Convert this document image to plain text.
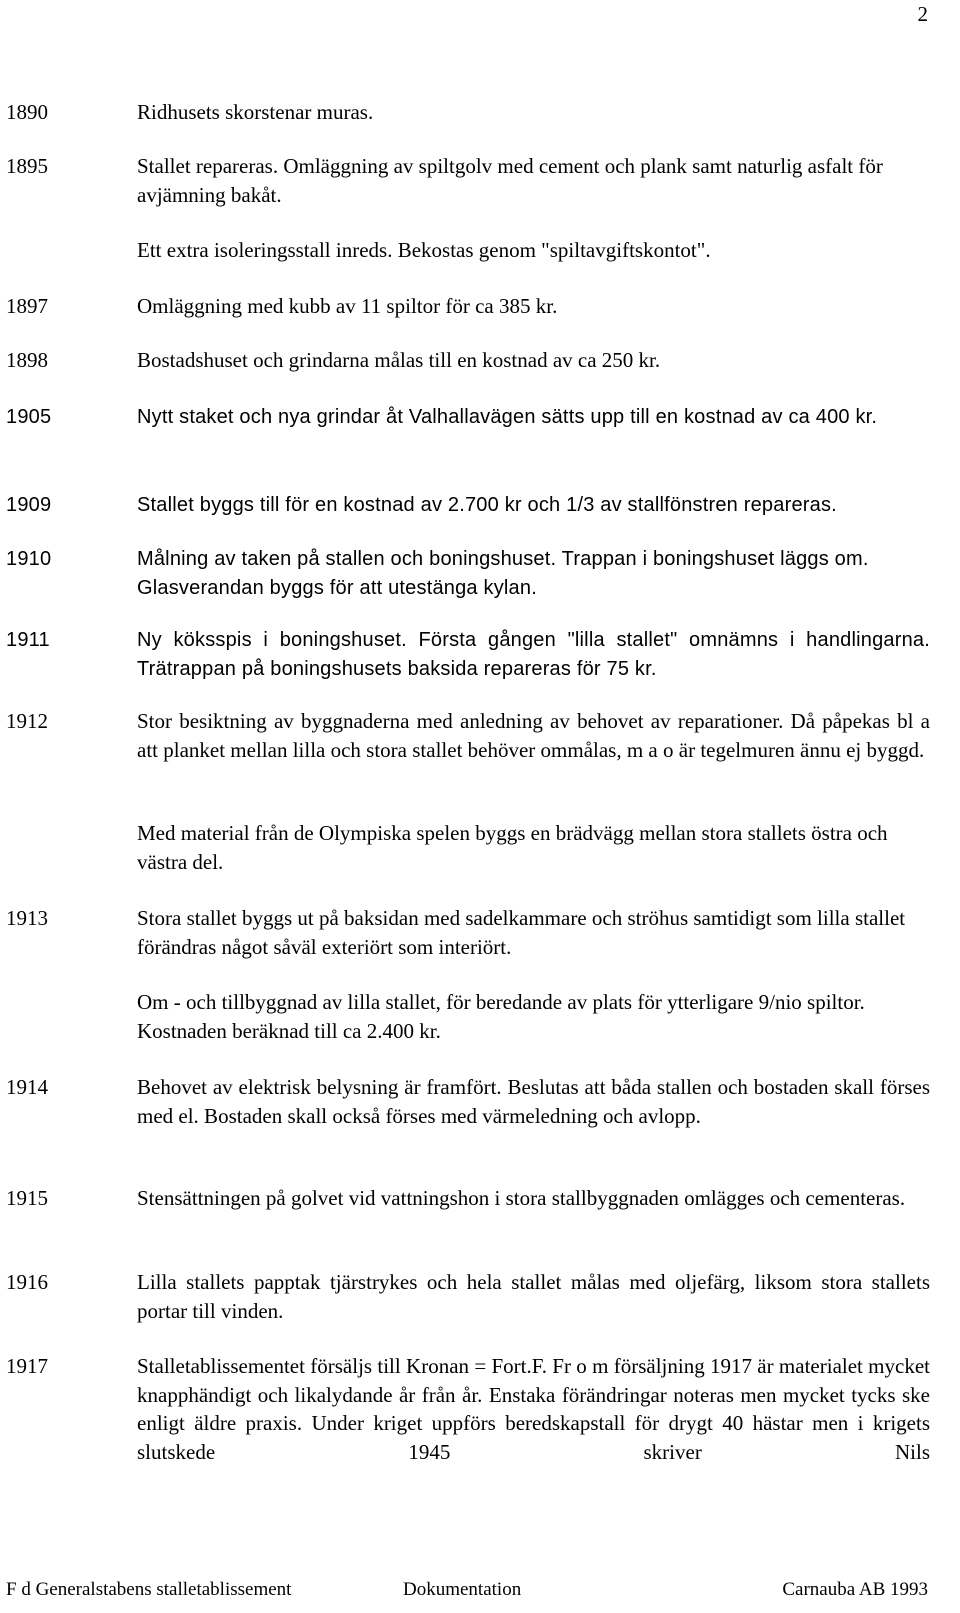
2
1890	Ridhusets skorstenar muras.
1895	Stallet repareras. Omläggning av spiltgolv med cement och plank samt naturlig asfalt för avjämning bakåt.
Ett extra isoleringsstall inreds. Bekostas genom "spiltavgiftskontot".
1897	Omläggning med kubb av 11 spiltor för ca 385 kr.
1898	Bostadshuset och grindarna målas till en kostnad av ca 250 kr.
1905	Nytt staket och nya grindar åt Valhallavägen sätts upp till en kostnad av ca 400 kr.
1909	Stallet byggs till för en kostnad av 2.700 kr och 1/3 av stallfönstren repareras.
1910	Målning av taken på stallen och boningshuset. Trappan i boningshuset läggs om. Glasverandan byggs för att utestänga kylan.
1911	Ny köksspis i boningshuset. Första gången "lilla stallet" omnämns i handlingarna. Trätrappan på boningshusets baksida repareras för 75 kr.
1912	Stor besiktning av byggnaderna med anledning av behovet av reparationer. Då påpekas bl a att planket mellan lilla och stora stallet behöver ommålas, m a o är tegelmuren ännu ej byggd.
Med material från de Olympiska spelen byggs en brädvägg mellan stora stallets östra och västra del.
1913	Stora stallet byggs ut på baksidan med sadelkammare och ströhus samtidigt som lilla stallet förändras något såväl exteriört som interiört.
Om - och tillbyggnad av lilla stallet, för beredande av plats för ytterligare 9/nio spiltor. Kostnaden beräknad till ca 2.400 kr.
1914	Behovet av elektrisk belysning är framfört. Beslutas att båda stallen och bostaden skall förses med el. Bostaden skall också förses med värmeledning och avlopp.
1915	Stensättningen på golvet vid vattningshon i stora stallbyggnaden omlägges och cementeras.
1916	Lilla stallets papptak tjärstrykes och hela stallet målas med oljefärg, liksom stora stallets portar till vinden.
1917	Stalletablissementet försäljs till Kronan = Fort.F. Fr o m försäljning 1917 är materialet mycket knapphändigt och likalydande år från år. Enstaka förändringar noteras men mycket tycks ske enligt äldre praxis. Under kriget uppförs beredskapstall för drygt 40 hästar men i krigets slutskede 1945 skriver Nils
F d Generalstabens stalletablissement	Dokumentation	Carnauba AB 1993
